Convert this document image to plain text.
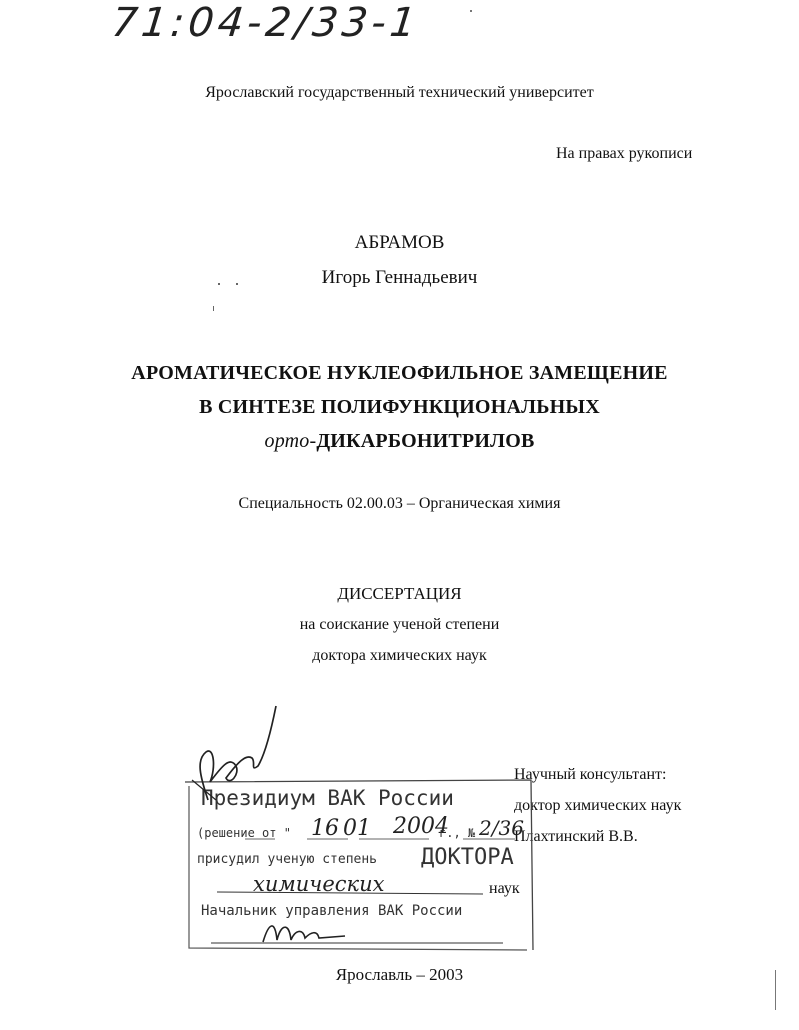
71:04-2/33-1
Ярославский государственный технический университет
На правах рукописи
АБРАМОВ
Игорь Геннадьевич
АРОМАТИЧЕСКОЕ НУКЛЕОФИЛЬНОЕ ЗАМЕЩЕНИЕ
В СИНТЕЗЕ ПОЛИФУНКЦИОНАЛЬНЫХ
орто-ДИКАРБОНИТРИЛОВ
Специальность 02.00.03 – Органическая химия
ДИССЕРТАЦИЯ
на соискание ученой степени
доктора химических наук
Научный консультант:
доктор химических наук
Плахтинский В.В.
Президиум ВАК России
(решение от " 16 01 2004
г., № 2/36
присудил ученую степень ДОКТОРА
химических	наук
Начальник управления ВАК России
Ярославль – 2003
